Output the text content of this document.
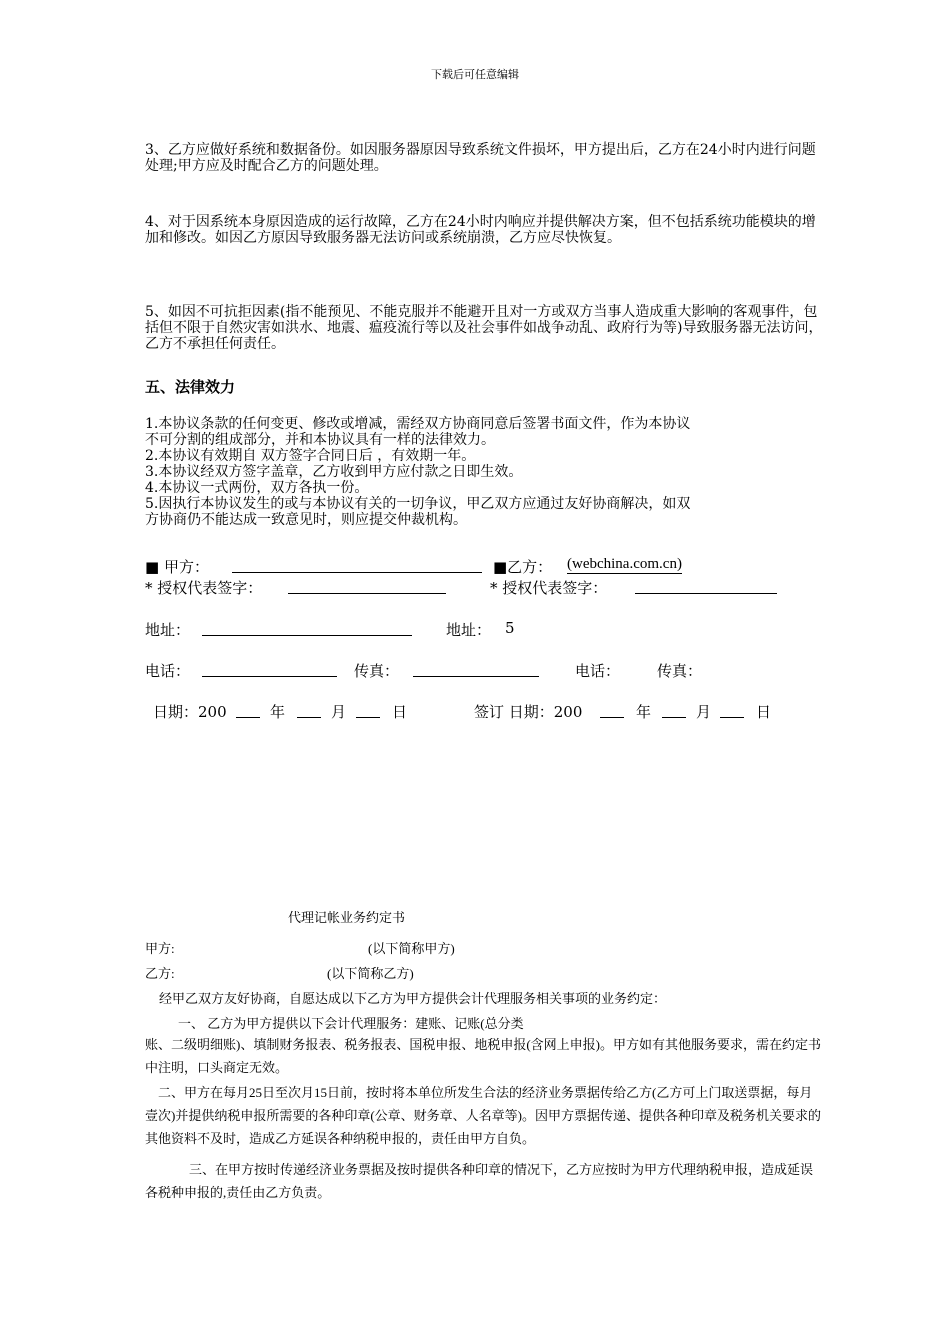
下载后可任意编辑
3、乙方应做好系统和数据备份。如因服务器原因导致系统文件损坏，甲方提出后，乙方在24小时内进行问题处理;甲方应及时配合乙方的问题处理。
4、对于因系统本身原因造成的运行故障，乙方在24小时内响应并提供解决方案，但不包括系统功能模块的增加和修改。如因乙方原因导致服务器无法访问或系统崩溃，乙方应尽快恢复。
5、如因不可抗拒因素(指不能预见、不能克服并不能避开且对一方或双方当事人造成重大影响的客观事件，包括但不限于自然灾害如洪水、地震、瘟疫流行等以及社会事件如战争动乱、政府行为等)导致服务器无法访问，乙方不承担任何责任。
五、法律效力
1.本协议条款的任何变更、修改或增减，需经双方协商同意后签署书面文件，作为本协议
不可分割的组成部分，并和本协议具有一样的法律效力。
2.本协议有效期自 双方签字合同日后 ，有效期一年。
3.本协议经双方签字盖章，乙方收到甲方应付款之日即生效。
4.本协议一式两份，双方各执一份。
5.因执行本协议发生的或与本协议有关的一切争议，甲乙双方应通过友好协商解决，如双
方协商仍不能达成一致意见时，则应提交仲裁机构。
■ 甲方：	■乙方： (webchina.com.cn)
* 授权代表签字：	* 授权代表签字：
地址：	地址： 5
电话：	传真：	电话： 传真：
日期：200	年	月	日	签订 日期：200	年	月	日
代理记帐业务约定书
甲方:	(以下简称甲方)
乙方:	(以下简称乙方)
经甲乙双方友好协商，自愿达成以下乙方为甲方提供会计代理服务相关事项的业务约定：
一、 乙方为甲方提供以下会计代理服务：建账、记账(总分类
账、二级明细账)、填制财务报表、税务报表、国税申报、地税申报(含网上申报)。甲方如有其他服务要求，需在约定书中注明，口头商定无效。
二、甲方在每月25日至次月15日前，按时将本单位所发生合法的经济业务票据传给乙方(乙方可上门取送票据，每月壹次)并提供纳税申报所需要的各种印章(公章、财务章、人名章等)。因甲方票据传递、提供各种印章及税务机关要求的其他资料不及时，造成乙方延误各种纳税申报的，责任由甲方自负。
三、在甲方按时传递经济业务票据及按时提供各种印章的情况下，乙方应按时为甲方代理纳税申报，造成延误各税种申报的,责任由乙方负责。
